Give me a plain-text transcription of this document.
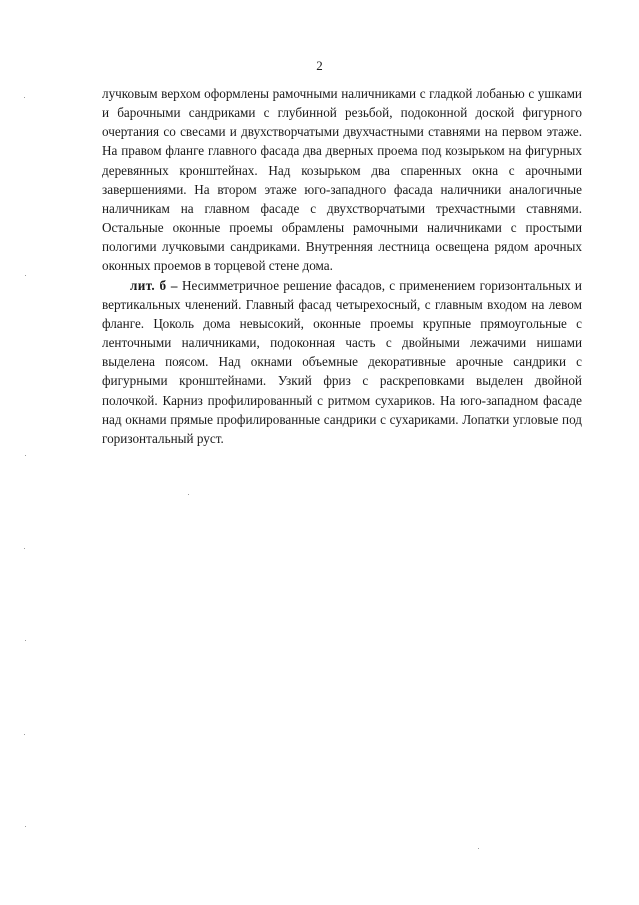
2

лучковым верхом оформлены рамочными наличниками с гладкой лобанью с ушками и барочными сандриками с глубинной резьбой, подоконной доской фигурного очертания со свесами и двухстворчатыми двухчастными ставнями на первом этаже. На правом фланге главного фасада два дверных проема под козырьком на фигурных деревянных кронштейнах. Над козырьком два спаренных окна с арочными завершениями. На втором этаже юго-западного фасада наличники аналогичные наличникам на главном фасаде с двухстворчатыми трехчастными ставнями. Остальные оконные проемы обрамлены рамочными наличниками с простыми пологими лучковыми сандриками. Внутренняя лестница освещена рядом арочных оконных проемов в торцевой стене дома.

лит. б – Несимметричное решение фасадов, с применением горизонтальных и вертикальных членений. Главный фасад четырехосный, с главным входом на левом фланге. Цоколь дома невысокий, оконные проемы крупные прямоугольные с ленточными наличниками, подоконная часть с двойными лежачими нишами выделена поясом. Над окнами объемные декоративные арочные сандрики с фигурными кронштейнами. Узкий фриз с раскреповками выделен двойной полочкой. Карниз профилированный с ритмом сухариков. На юго-западном фасаде над окнами прямые профилированные сандрики с сухариками. Лопатки угловые под горизонтальный руст.
